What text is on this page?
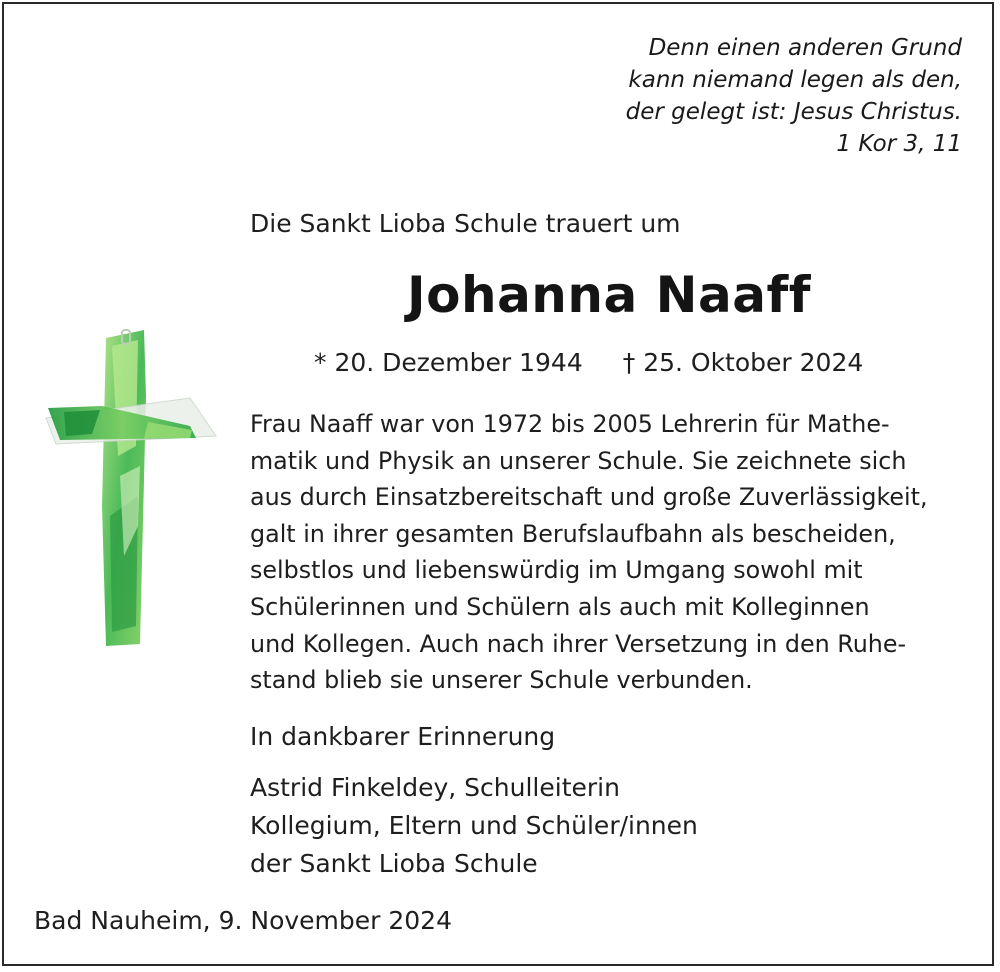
Denn einen anderen Grund
kann niemand legen als den,
der gelegt ist: Jesus Christus.
1 Kor 3, 11
Die Sankt Lioba Schule trauert um
Johanna Naaff
* 20. Dezember 1944 † 25. Oktober 2024
Frau Naaff war von 1972 bis 2005 Lehrerin für Mathe-
matik und Physik an unserer Schule. Sie zeichnete sich
aus durch Einsatzbereitschaft und große Zuverlässigkeit,
galt in ihrer gesamten Berufslaufbahn als bescheiden,
selbstlos und liebenswürdig im Umgang sowohl mit
Schülerinnen und Schülern als auch mit Kolleginnen
und Kollegen. Auch nach ihrer Versetzung in den Ruhe-
stand blieb sie unserer Schule verbunden.
In dankbarer Erinnerung
Astrid Finkeldey, Schulleiterin
Kollegium, Eltern und Schüler/innen
der Sankt Lioba Schule
Bad Nauheim, 9. November 2024
